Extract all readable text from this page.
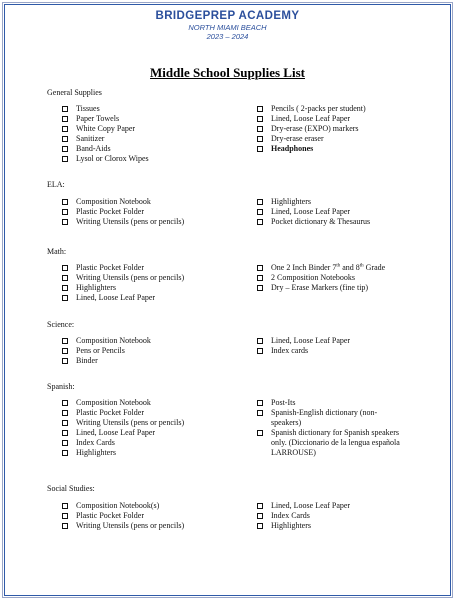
BRIDGEPREP ACADEMY
NORTH MIAMI BEACH
2023 – 2024
Middle School Supplies List
General Supplies
Tissues
Paper Towels
White Copy Paper
Sanitizer
Band-Aids
Lysol or Clorox Wipes
Pencils ( 2-packs per student)
Lined, Loose Leaf Paper
Dry-erase (EXPO) markers
Dry-erase eraser
Headphones
ELA:
Composition Notebook
Plastic Pocket Folder
Writing Utensils (pens or pencils)
Highlighters
Lined, Loose Leaf Paper
Pocket dictionary & Thesaurus
Math:
Plastic Pocket Folder
Writing Utensils (pens or pencils)
Highlighters
Lined, Loose Leaf Paper
One 2 Inch Binder 7th and 8th Grade
2 Composition Notebooks
Dry – Erase Markers (fine tip)
Science:
Composition Notebook
Pens or Pencils
Binder
Lined, Loose Leaf Paper
Index cards
Spanish:
Composition Notebook
Plastic Pocket Folder
Writing Utensils (pens or pencils)
Lined, Loose Leaf Paper
Index Cards
Highlighters
Post-Its
Spanish-English dictionary (non-speakers)
Spanish dictionary for Spanish speakers only. (Diccionario de la lengua española LARROUSE)
Social Studies:
Composition Notebook(s)
Plastic Pocket Folder
Writing Utensils (pens or pencils)
Lined, Loose Leaf Paper
Index Cards
Highlighters
